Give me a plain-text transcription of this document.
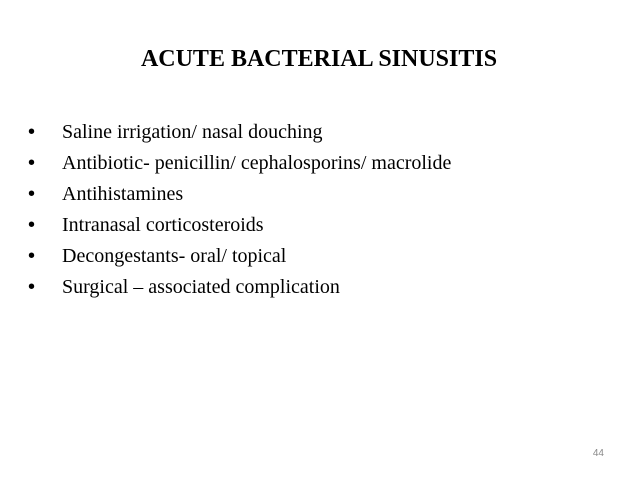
ACUTE BACTERIAL SINUSITIS
•	Saline irrigation/ nasal douching
•	Antibiotic- penicillin/ cephalosporins/ macrolide
•	Antihistamines
•	Intranasal corticosteroids
•	Decongestants- oral/ topical
•	Surgical – associated complication
44
